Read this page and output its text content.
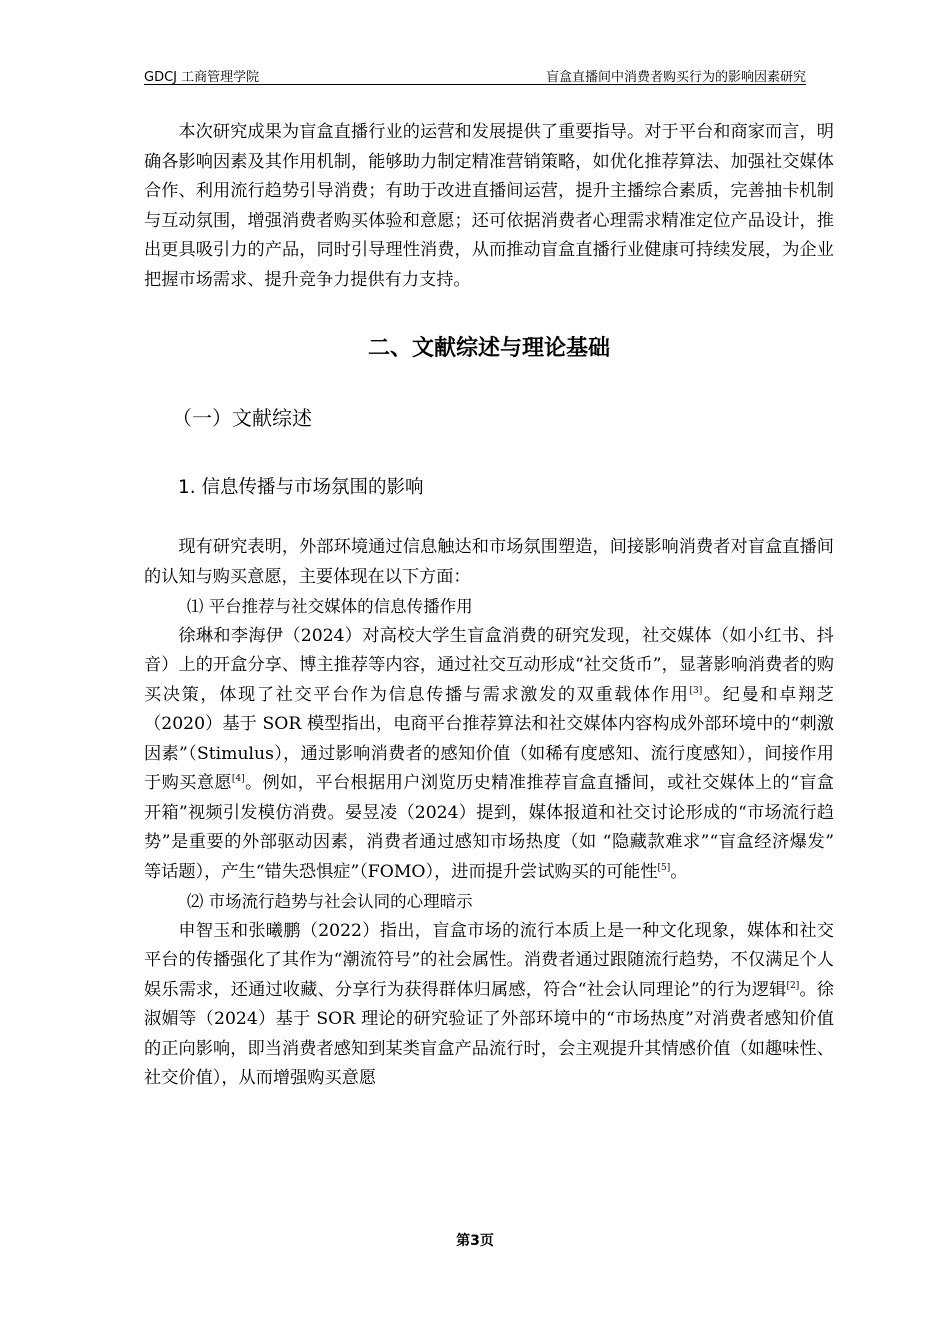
GDCJ 工商管理学院	盲盒直播间中消费者购买行为的影响因素研究

本次研究成果为盲盒直播行业的运营和发展提供了重要指导。对于平台和商家而言，明确各影响因素及其作用机制，能够助力制定精准营销策略，如优化推荐算法、加强社交媒体合作、利用流行趋势引导消费；有助于改进直播间运营，提升主播综合素质，完善抽卡机制与互动氛围，增强消费者购买体验和意愿；还可依据消费者心理需求精准定位产品设计，推出更具吸引力的产品，同时引导理性消费，从而推动盲盒直播行业健康可持续发展，为企业把握市场需求、提升竞争力提供有力支持。

二、文献综述与理论基础
（一）文献综述
1. 信息传播与市场氛围的影响

现有研究表明，外部环境通过信息触达和市场氛围塑造，间接影响消费者对盲盒直播间的认知与购买意愿，主要体现在以下方面：

⑴ 平台推荐与社交媒体的信息传播作用

徐琳和李海伊（2024）对高校大学生盲盒消费的研究发现，社交媒体（如小红书、抖音）上的开盒分享、博主推荐等内容，通过社交互动形成“社交货币”，显著影响消费者的购买决策，体现了社交平台作为信息传播与需求激发的双重载体作用[3]。纪曼和卓翔芝（2020）基于 SOR 模型指出，电商平台推荐算法和社交媒体内容构成外部环境中的“刺激因素”（Stimulus），通过影响消费者的感知价值（如稀有度感知、流行度感知），间接作用于购买意愿[4]。例如，平台根据用户浏览历史精准推荐盲盒直播间，或社交媒体上的“盲盒开箱”视频引发模仿消费。晏昱凌（2024）提到，媒体报道和社交讨论形成的“市场流行趋势”是重要的外部驱动因素，消费者通过感知市场热度（如 “隐藏款难求”“盲盒经济爆发” 等话题），产生“错失恐惧症”（FOMO），进而提升尝试购买的可能性[5]。

⑵ 市场流行趋势与社会认同的心理暗示

申智玉和张曦鹏（2022）指出，盲盒市场的流行本质上是一种文化现象，媒体和社交平台的传播强化了其作为“潮流符号”的社会属性。消费者通过跟随流行趋势，不仅满足个人娱乐需求，还通过收藏、分享行为获得群体归属感，符合“社会认同理论”的行为逻辑[2]。徐淑媚等（2024）基于 SOR 理论的研究验证了外部环境中的“市场热度”对消费者感知价值的正向影响，即当消费者感知到某类盲盒产品流行时，会主观提升其情感价值（如趣味性、社交价值），从而增强购买意愿

第3页
